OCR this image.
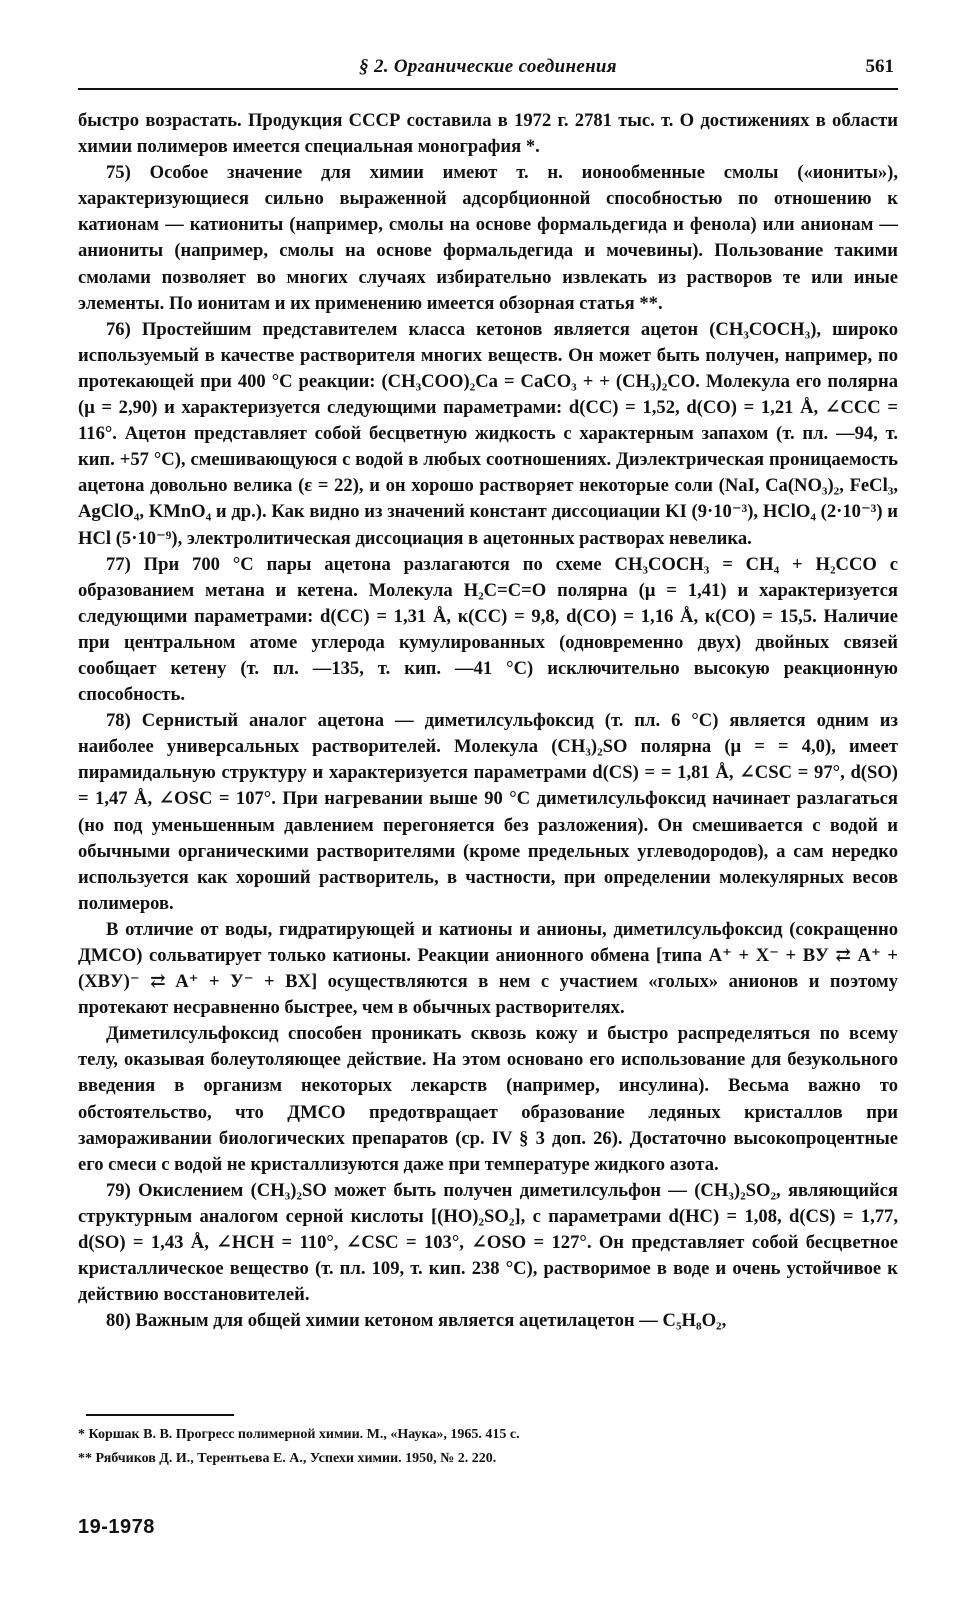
§ 2. Органические соединения	561

быстро возрастать. Продукция СССР составила в 1972 г. 2781 тыс. т. О достижениях в области химии полимеров имеется специальная монография *.

75) Особое значение для химии имеют т. н. ионообменные смолы («иониты»), характеризующиеся сильно выраженной адсорбционной способностью по отношению к катионам — катиониты (например, смолы на основе формальдегида и фенола) или анионам — аниониты (например, смолы на основе формальдегида и мочевины). Пользование такими смолами позволяет во многих случаях избирательно извлекать из растворов те или иные элементы. По ионитам и их применению имеется обзорная статья **.

76) Простейшим представителем класса кетонов является ацетон (CH₃COCH₃), широко используемый в качестве растворителя многих веществ. Он может быть получен, например, по протекающей при 400 °C реакции: (CH₃COO)₂Ca = CaCO₃ + + (CH₃)₂CO. Молекула его полярна (μ = 2,90) и характеризуется следующими параметрами: d(CC) = 1,52, d(CO) = 1,21 Å, ∠CCC = 116°. Ацетон представляет собой бесцветную жидкость с характерным запахом (т. пл. —94, т. кип. +57 °C), смешивающуюся с водой в любых соотношениях. Диэлектрическая проницаемость ацетона довольно велика (ε = 22), и он хорошо растворяет некоторые соли (NaI, Ca(NO₃)₂, FeCl₃, AgClO₄, KMnO₄ и др.). Как видно из значений констант диссоциации KI (9·10⁻³), HClO₄ (2·10⁻³) и HCl (5·10⁻⁹), электролитическая диссоциация в ацетонных растворах невелика.

77) При 700 °C пары ацетона разлагаются по схеме CH₃COCH₃ = CH₄ + H₂CCO с образованием метана и кетена. Молекула H₂C=C=O полярна (μ = 1,41) и характеризуется следующими параметрами: d(CC) = 1,31 Å, κ(CC) = 9,8, d(CO) = 1,16 Å, κ(CO) = 15,5. Наличие при центральном атоме углерода кумулированных (одновременно двух) двойных связей сообщает кетену (т. пл. —135, т. кип. —41 °C) исключительно высокую реакционную способность.

78) Сернистый аналог ацетона — диметилсульфоксид (т. пл. 6 °C) является одним из наиболее универсальных растворителей. Молекула (CH₃)₂SO полярна (μ = = 4,0), имеет пирамидальную структуру и характеризуется параметрами d(CS) = = 1,81 Å, ∠CSC = 97°, d(SO) = 1,47 Å, ∠OSC = 107°. При нагревании выше 90 °C диметилсульфоксид начинает разлагаться (но под уменьшенным давлением перегоняется без разложения). Он смешивается с водой и обычными органическими растворителями (кроме предельных углеводородов), а сам нередко используется как хороший растворитель, в частности, при определении молекулярных весов полимеров.

В отличие от воды, гидратирующей и катионы и анионы, диметилсульфоксид (сокращенно ДМСО) сольватирует только катионы. Реакции анионного обмена [типа A⁺ + X⁻ + BУ ⇄ A⁺ + (XBУ)⁻ ⇄ A⁺ + У⁻ + BX] осуществляются в нем с участием «голых» анионов и поэтому протекают несравненно быстрее, чем в обычных растворителях.

Диметилсульфоксид способен проникать сквозь кожу и быстро распределяться по всему телу, оказывая болеутоляющее действие. На этом основано его использование для безукольного введения в организм некоторых лекарств (например, инсулина). Весьма важно то обстоятельство, что ДМСО предотвращает образование ледяных кристаллов при замораживании биологических препаратов (ср. IV § 3 доп. 26). Достаточно высокопроцентные его смеси с водой не кристаллизуются даже при температуре жидкого азота.

79) Окислением (CH₃)₂SO может быть получен диметилсульфон — (CH₃)₂SO₂, являющийся структурным аналогом серной кислоты [(HO)₂SO₂], с параметрами d(HC) = 1,08, d(CS) = 1,77, d(SO) = 1,43 Å, ∠HCH = 110°, ∠CSC = 103°, ∠OSO = 127°. Он представляет собой бесцветное кристаллическое вещество (т. пл. 109, т. кип. 238 °C), растворимое в воде и очень устойчивое к действию восстановителей.

80) Важным для общей химии кетоном является ацетилацетон — C₅H₈O₂,

* Коршак В. В. Прогресс полимерной химии. М., «Наука», 1965. 415 с.
** Рябчиков Д. И., Терентьева Е. А., Успехи химии. 1950, № 2. 220.
19-1978
